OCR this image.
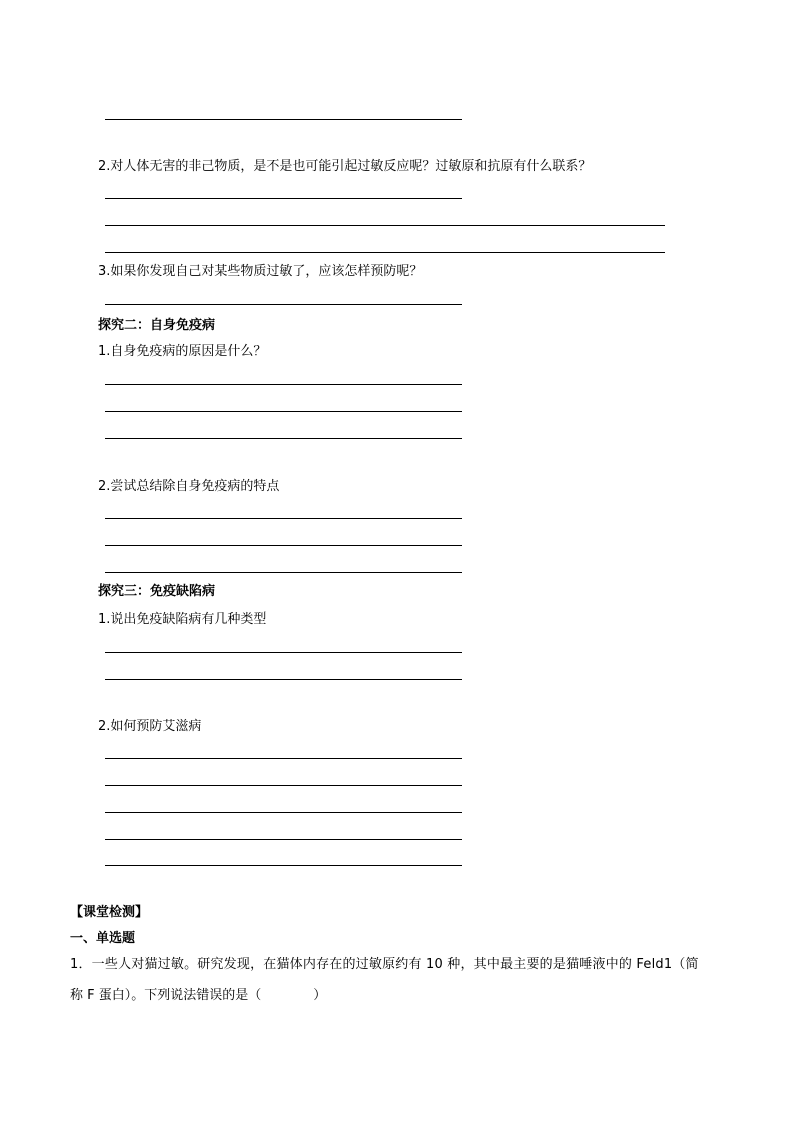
2.对人体无害的非己物质，是不是也可能引起过敏反应呢？过敏原和抗原有什么联系？
3.如果你发现自己对某些物质过敏了，应该怎样预防呢？
探究二：自身免疫病
1.自身免疫病的原因是什么？
2.尝试总结除自身免疫病的特点
探究三：免疫缺陷病
1.说出免疫缺陷病有几种类型
2.如何预防艾滋病
【课堂检测】
一、单选题
1．一些人对猫过敏。研究发现，在猫体内存在的过敏原约有 10 种，其中最主要的是猫唾液中的 Feld1（简
称 F 蛋白）。下列说法错误的是（　　　　）
